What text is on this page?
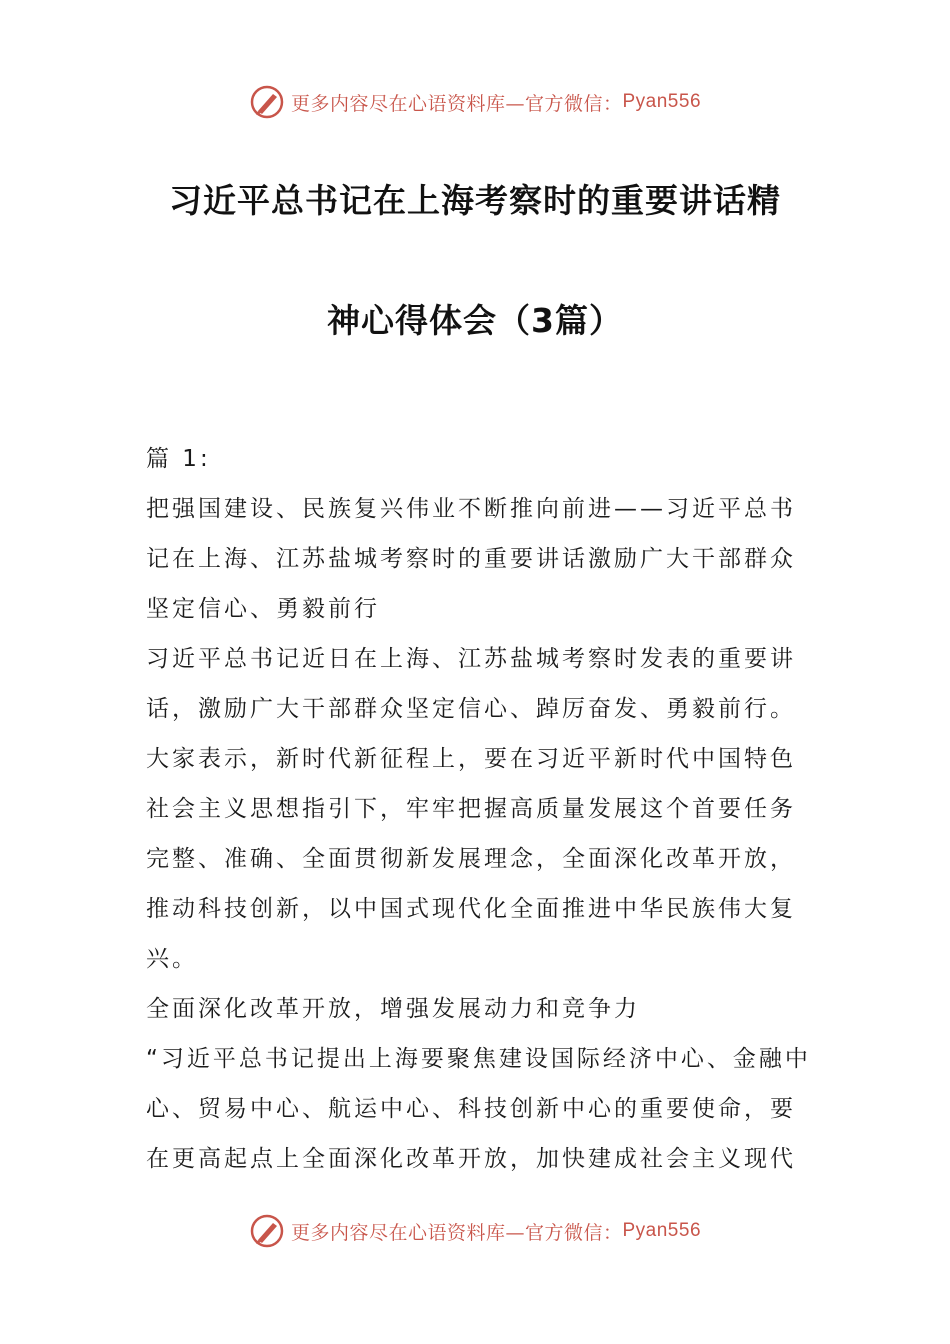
更多内容尽在心语资料库—官方微信： Pyan556
习近平总书记在上海考察时的重要讲话精
神心得体会（3篇）
篇 1:
把强国建设、民族复兴伟业不断推向前进——习近平总书
记在上海、江苏盐城考察时的重要讲话激励广大干部群众
坚定信心、勇毅前行
习近平总书记近日在上海、江苏盐城考察时发表的重要讲
话，激励广大干部群众坚定信心、踔厉奋发、勇毅前行。
大家表示，新时代新征程上，要在习近平新时代中国特色
社会主义思想指引下，牢牢把握高质量发展这个首要任务
完整、准确、全面贯彻新发展理念，全面深化改革开放，
推动科技创新，以中国式现代化全面推进中华民族伟大复
兴。
全面深化改革开放，增强发展动力和竞争力
“习近平总书记提出上海要聚焦建设国际经济中心、金融中
心、贸易中心、航运中心、科技创新中心的重要使命，要
在更高起点上全面深化改革开放，加快建成社会主义现代
更多内容尽在心语资料库—官方微信： Pyan556
